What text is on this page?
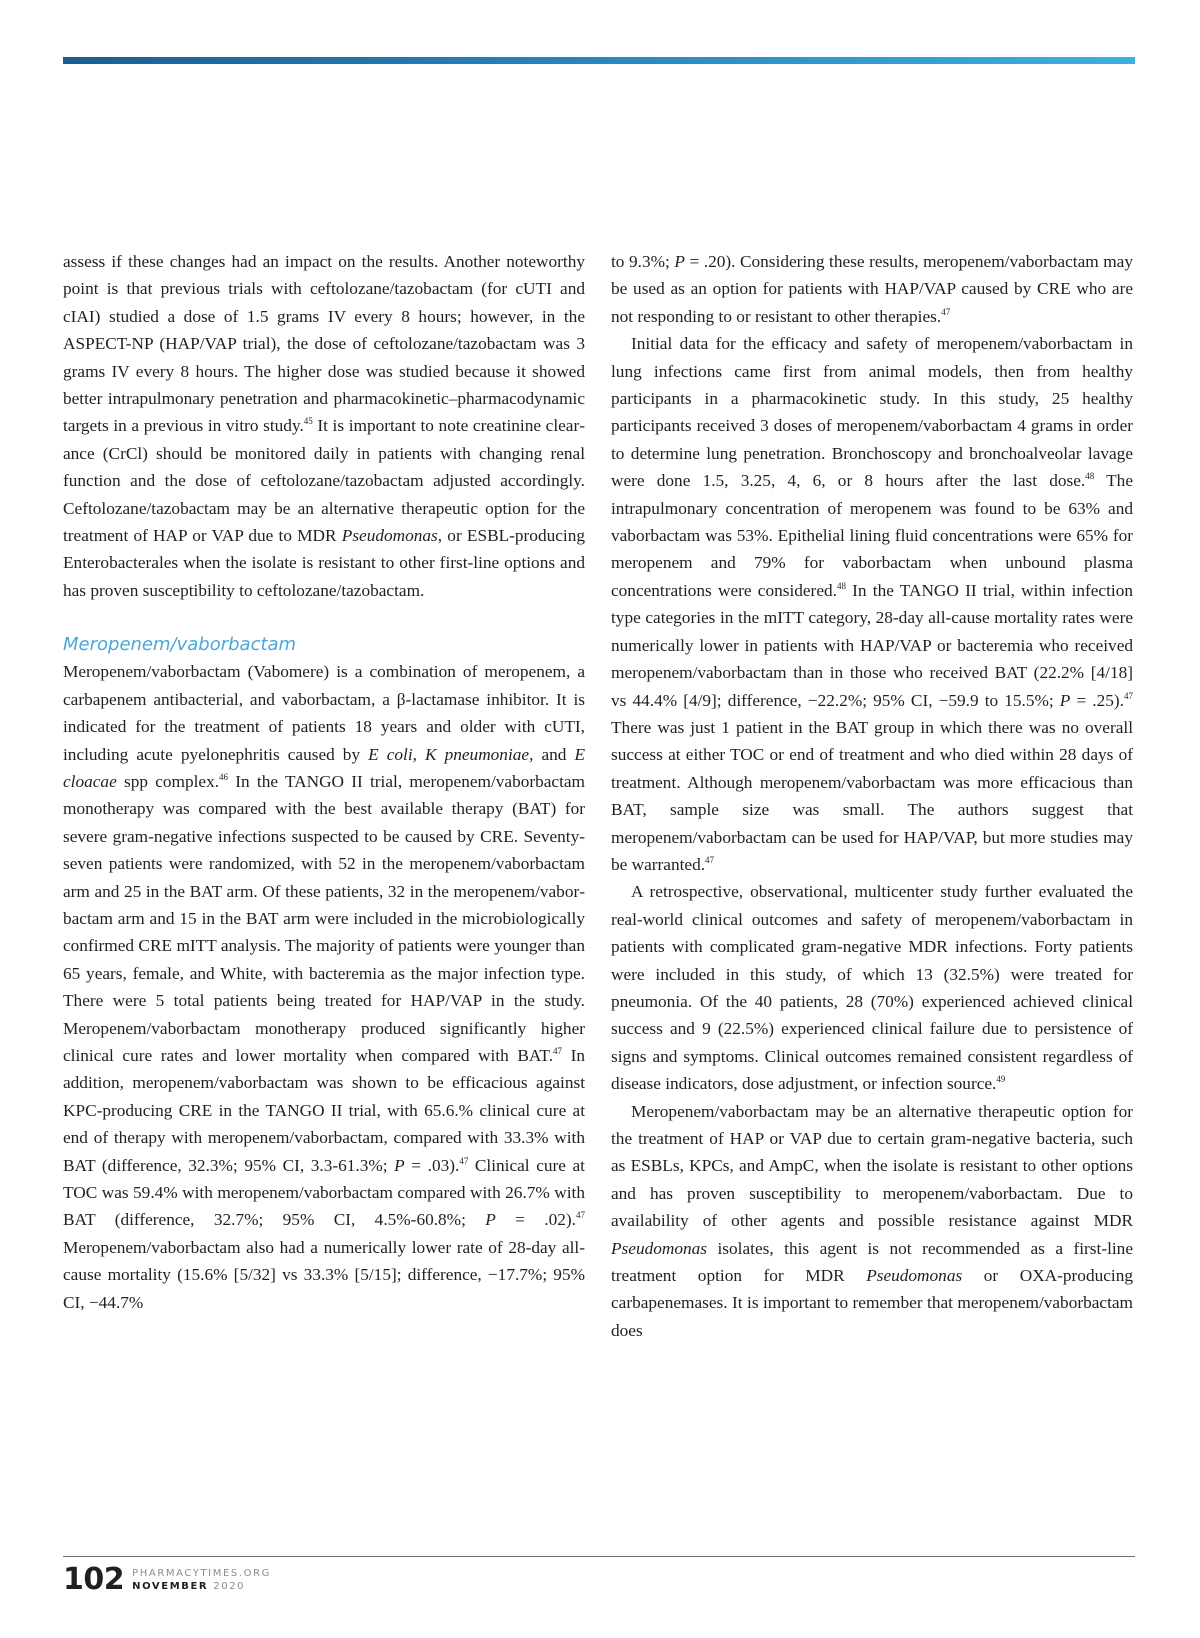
assess if these changes had an impact on the results. Another noteworthy point is that previous trials with ceftolozane/tazobactam (for cUTI and cIAI) studied a dose of 1.5 grams IV every 8 hours; however, in the ASPECT-NP (HAP/VAP trial), the dose of ceftolozane/tazobactam was 3 grams IV every 8 hours. The higher dose was studied because it showed better intrapulmonary penetration and pharmacokinetic–pharmacodynamic targets in a previous in vitro study.$^{45}$ It is important to note creatinine clearance (CrCl) should be monitored daily in patients with changing renal function and the dose of ceftolozane/tazobactam adjusted accordingly. Ceftolozane/tazobactam may be an alternative therapeutic option for the treatment of HAP or VAP due to MDR Pseudomonas, or ESBL-producing Enterobacterales when the isolate is resistant to other first-line options and has proven susceptibility to ceftolozane/tazobactam.

Meropenem/vaborbactam

Meropenem/vaborbactam (Vabomere) is a combination of meropenem, a carbapenem antibacterial, and vaborbactam, a β-lactamase inhibitor. It is indicated for the treatment of patients 18 years and older with cUTI, including acute pyelonephritis caused by E coli, K pneumoniae, and E cloacae spp complex.$^{46}$ In the TANGO II trial, meropenem/vaborbactam monotherapy was compared with the best available therapy (BAT) for severe gram-negative infections suspected to be caused by CRE. Seventy-seven patients were randomized, with 52 in the meropenem/vaborbactam arm and 25 in the BAT arm. Of these patients, 32 in the meropenem/vaborbactam arm and 15 in the BAT arm were included in the microbiologically confirmed CRE mITT analysis. The majority of patients were younger than 65 years, female, and White, with bacteremia as the major infection type. There were 5 total patients being treated for HAP/VAP in the study. Meropenem/vaborbactam monotherapy produced significantly higher clinical cure rates and lower mortality when compared with BAT.$^{47}$ In addition, meropenem/vaborbactam was shown to be efficacious against KPC-producing CRE in the TANGO II trial, with 65.6.% clinical cure at end of therapy with meropenem/vaborbactam, compared with 33.3% with BAT (difference, 32.3%; 95% CI, 3.3-61.3%; P = .03).$^{47}$ Clinical cure at TOC was 59.4% with meropenem/vaborbactam compared with 26.7% with BAT (difference, 32.7%; 95% CI, 4.5%-60.8%; P = .02).$^{47}$ Meropenem/vaborbactam also had a numerically lower rate of 28-day all-cause mortality (15.6% [5/32] vs 33.3% [5/15]; difference, −17.7%; 95% CI, −44.7%

to 9.3%; P = .20). Considering these results, meropenem/vaborbactam may be used as an option for patients with HAP/VAP caused by CRE who are not responding to or resistant to other therapies.$^{47}$

Initial data for the efficacy and safety of meropenem/vaborbactam in lung infections came first from animal models, then from healthy participants in a pharmacokinetic study. In this study, 25 healthy participants received 3 doses of meropenem/vaborbactam 4 grams in order to determine lung penetration. Bronchoscopy and bronchoalveolar lavage were done 1.5, 3.25, 4, 6, or 8 hours after the last dose.$^{48}$ The intrapulmonary concentration of meropenem was found to be 63% and vaborbactam was 53%. Epithelial lining fluid concentrations were 65% for meropenem and 79% for vaborbactam when unbound plasma concentrations were considered.$^{48}$ In the TANGO II trial, within infection type categories in the mITT category, 28-day all-cause mortality rates were numerically lower in patients with HAP/VAP or bacteremia who received meropenem/vaborbactam than in those who received BAT (22.2% [4/18] vs 44.4% [4/9]; difference, −22.2%; 95% CI, −59.9 to 15.5%; P = .25).$^{47}$ There was just 1 patient in the BAT group in which there was no overall success at either TOC or end of treatment and who died within 28 days of treatment. Although meropenem/vaborbactam was more efficacious than BAT, sample size was small. The authors suggest that meropenem/vaborbactam can be used for HAP/VAP, but more studies may be warranted.$^{47}$

A retrospective, observational, multicenter study further evaluated the real-world clinical outcomes and safety of meropenem/vaborbactam in patients with complicated gram-negative MDR infections. Forty patients were included in this study, of which 13 (32.5%) were treated for pneumonia. Of the 40 patients, 28 (70%) experienced achieved clinical success and 9 (22.5%) experienced clinical failure due to persistence of signs and symptoms. Clinical outcomes remained consistent regardless of disease indicators, dose adjustment, or infection source.$^{49}$

Meropenem/vaborbactam may be an alternative therapeutic option for the treatment of HAP or VAP due to certain gram-negative bacteria, such as ESBLs, KPCs, and AmpC, when the isolate is resistant to other options and has proven susceptibility to meropenem/vaborbactam. Due to availability of other agents and possible resistance against MDR Pseudomonas isolates, this agent is not recommended as a first-line treatment option for MDR Pseudomonas or OXA-producing carbapenemases. It is important to remember that meropenem/vaborbactam does

102 PHARMACYTIMES.ORG
NOVEMBER 2020
